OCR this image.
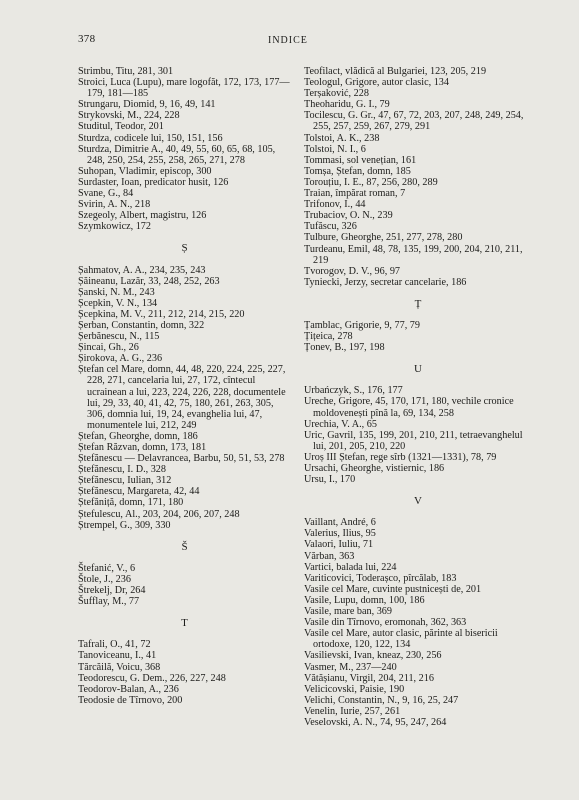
378	INDICE

Strimbu, Titu, 281, 301

Stroici, Luca (Lupu), mare logofăt, 172, 173, 177—179, 181—185

Strungaru, Diomid, 9, 16, 49, 141

Strykovski, M., 224, 228

Studitul, Teodor, 201

Sturdza, codicele lui, 150, 151, 156

Sturdza, Dimitrie A., 40, 49, 55, 60, 65, 68, 105, 248, 250, 254, 255, 258, 265, 271, 278

Suhopan, Vladimir, episcop, 300

Surdaster, Ioan, predicator husit, 126

Svane, G., 84

Svirin, A. N., 218

Szegeoly, Albert, magistru, 126

Szymkowicz, 172

Ș

Șahmatov, A. A., 234, 235, 243

Șăineanu, Lazăr, 33, 248, 252, 263

Șanski, N. M., 243

Șcepkin, V. N., 134

Șcepkina, M. V., 211, 212, 214, 215, 220

Șerban, Constantin, domn, 322

Șerbănescu, N., 115

Șincai, Gh., 26

Șirokova, A. G., 236

Ștefan cel Mare, domn, 44, 48, 220, 224, 225, 227, 228, 271, cancelaria lui, 27, 172, cîntecul ucrainean a lui, 223, 224, 226, 228, documentele lui, 29, 33, 40, 41, 42, 75, 180, 261, 263, 305, 306, domnia lui, 19, 24, evanghelia lui, 47, monumentele lui, 212, 249

Ștefan, Gheorghe, domn, 186

Ștefan Răzvan, domn, 173, 181

Ștefănescu — Delavrancea, Barbu, 50, 51, 53, 278

Ștefănescu, I. D., 328

Ștefănescu, Iulian, 312

Ștefănescu, Margareta, 42, 44

Ștefăniță, domn, 171, 180

Ștefulescu, Al., 203, 204, 206, 207, 248

Ștrempel, G., 309, 330

Š

Štefanić, V., 6

Štole, J., 236

Štrekelj, Dr, 264

Šufflay, M., 77

T

Tafrali, O., 41, 72

Tanoviceanu, I., 41

Tărcăilă, Voicu, 368

Teodorescu, G. Dem., 226, 227, 248

Teodorov-Balan, A., 236

Teodosie de Tîrnovo, 200

Teofilact, vlădică al Bulgariei, 123, 205, 219

Teologul, Grigore, autor clasic, 134

Terșaković, 228

Theoharidu, G. I., 79

Tocilescu, G. Gr., 47, 67, 72, 203, 207, 248, 249, 254, 255, 257, 259, 267, 279, 291

Tolstoi, A. K., 238

Tolstoi, N. I., 6

Tommasi, sol venețian, 161

Tomșa, Ștefan, domn, 185

Torouțiu, I. E., 87, 256, 280, 289

Traian, împărat roman, 7

Trifonov, I., 44

Trubaciov, O. N., 239

Tufăscu, 326

Tulbure, Gheorghe, 251, 277, 278, 280

Turdeanu, Emil, 48, 78, 135, 199, 200, 204, 210, 211, 219

Tvorogov, D. V., 96, 97

Tyniecki, Jerzy, secretar cancelarie, 186

Ț

Țamblac, Grigorie, 9, 77, 79

Țițeica, 278

Țonev, B., 197, 198

U

Urbańczyk, S., 176, 177

Ureche, Grigore, 45, 170, 171, 180, vechile cronice moldovenești pînă la, 69, 134, 258

Urechia, V. A., 65

Uric, Gavril, 135, 199, 201, 210, 211, tetraevanghelul lui, 201, 205, 210, 220

Uroș III Ștefan, rege sîrb (1321—1331), 78, 79

Ursachi, Gheorghe, vistiernic, 186

Ursu, I., 170

V

Vaillant, André, 6

Valerius, Ilius, 95

Valaori, Iuliu, 71

Vărban, 363

Vartici, balada lui, 224

Variticovici, Toderașco, pîrcălab, 183

Vasile cel Mare, cuvinte pustnicești de, 201

Vasile, Lupu, domn, 100, 186

Vasile, mare ban, 369

Vasile din Tîrnovo, eromonah, 362, 363

Vasile cel Mare, autor clasic, părinte al bisericii ortodoxe, 120, 122, 134

Vasilievski, Ivan, kneaz, 230, 256

Vasmer, M., 237—240

Vătășianu, Virgil, 204, 211, 216

Velicicovski, Paisie, 190

Velichi, Constantin, N., 9, 16, 25, 247

Venelin, Iurie, 257, 261

Veselovski, A. N., 74, 95, 247, 264
